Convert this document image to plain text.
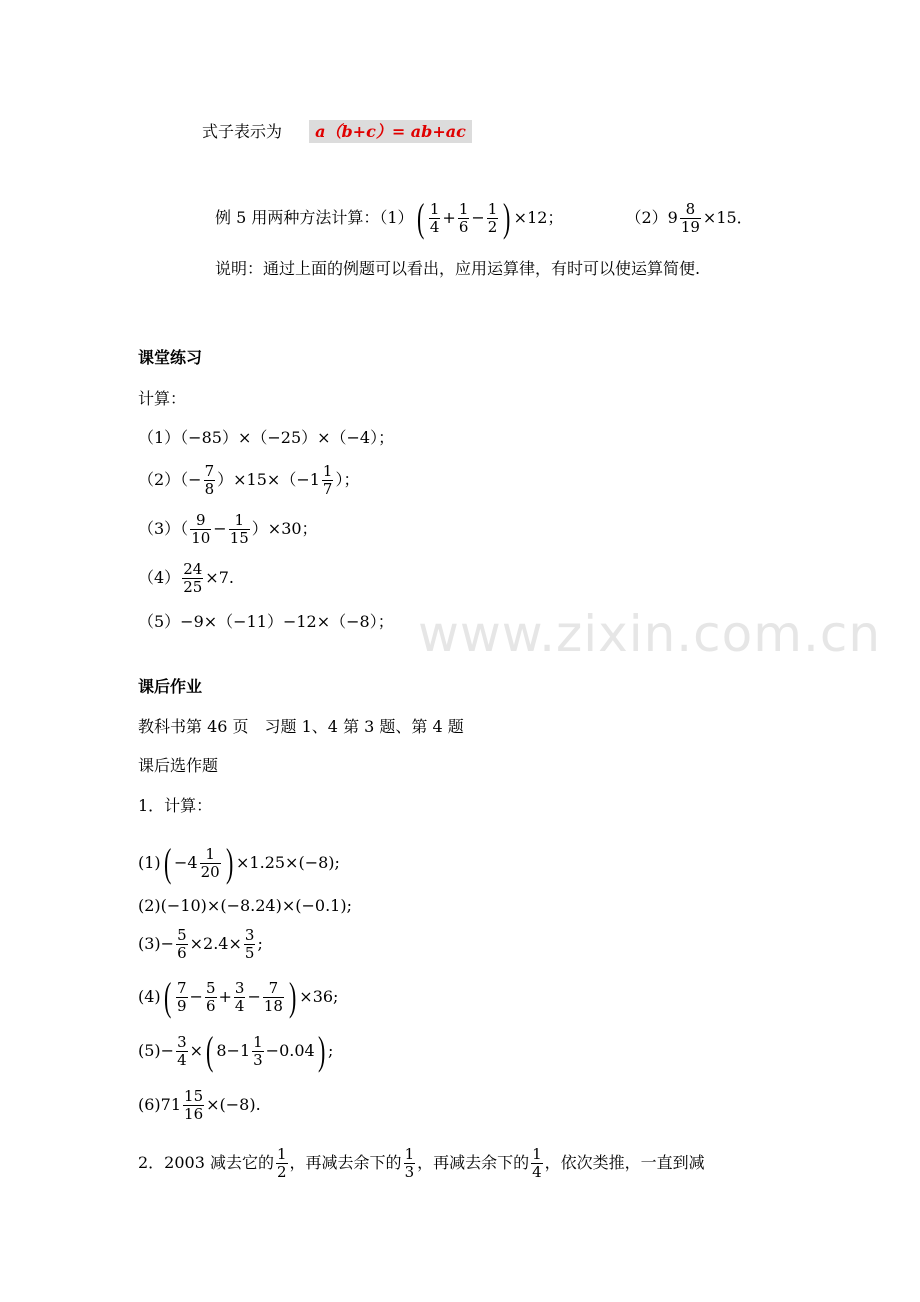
www.zixin.com.cn
式子表示为 a（b+c）= ab+ac
例 5 用两种方法计算：（1） ( $\frac{1}{4} + \frac{1}{6} - \frac{1}{2}$ ) ×12；	$(2)9 \frac{8}{19} \times 15$．
说明：通过上面的例题可以看出，应用运算律，有时可以使运算简便.
课堂练习
计算：
（1）（−85）×（−25）×（−4）；
$(2)(- \frac{7}{8} )\times 15\times(-1 \frac{1}{7}$ ）；
$(3)( \frac{9}{10} - \frac{1}{15} )\times 30$；
$(4) \frac{24}{25} \times 7$.
（5）−9×（−11）−12×（−8）；
课后作业
教科书第 46 页　习题 1、4 第 3 题、第 4 题
课后选作题
1．计算：
(1) ( $-4 \frac{1}{20}$ ) ×1.25×(−8);
(2)(−10)×(−8.24)×(−0.1);
$(3)- \frac{5}{6} \times 2.4\times \frac{3}{5}$ ;
(4) ( $\frac{7}{9} - \frac{5}{6} + \frac{3}{4} - \frac{7}{18}$ ) ×36;
$(5)- \frac{3}{4}$ × ( $8-1 \frac{1}{3} -0.04$ ) ;
$(6)71 \frac{15}{16} \times(-8)$.
2．2003 减去它的 $\frac{1}{2}$ ，再减去余下的 $\frac{1}{3}$ ，再减去余下的 $\frac{1}{4}$ ，依次类推，一直到减
